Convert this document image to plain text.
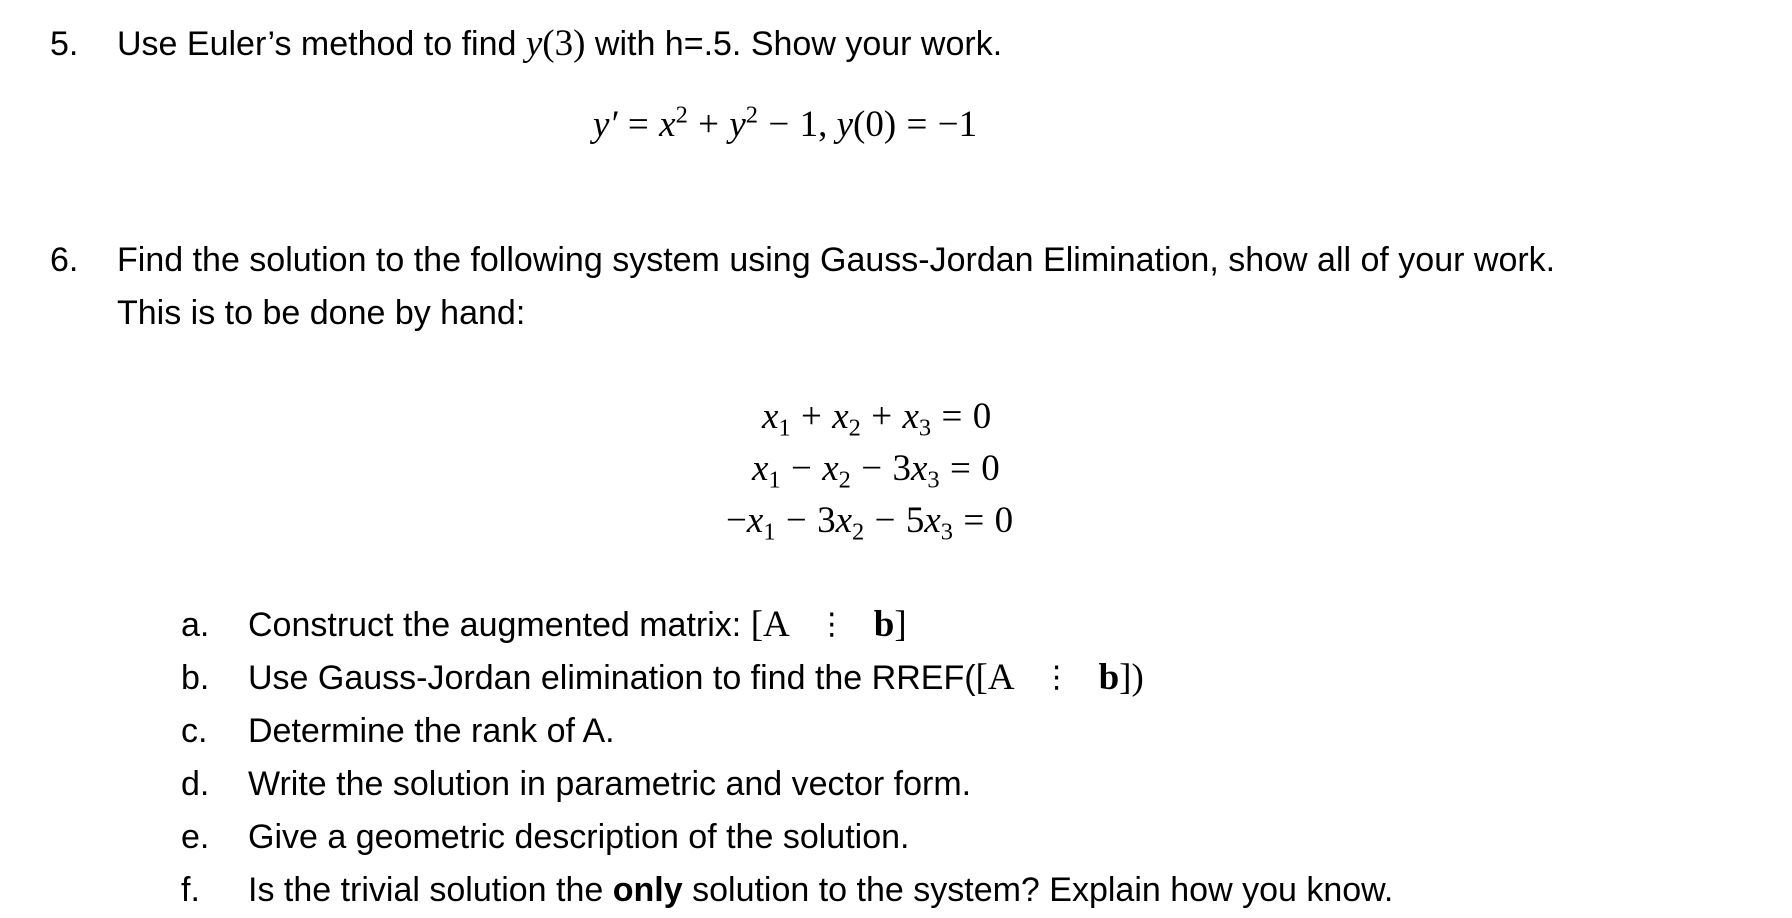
5. Use Euler’s method to find y(3) with h=.5. Show your work.
$y' = x^2 + y^2 - 1$, y(0) = −1
6. Find the solution to the following system using Gauss-Jordan Elimination, show all of your work.
This is to be done by hand:
$x_1 + x_2 + x_3 = 0$
$x_1 - x_2 - 3x_3 = 0$
$-x_1 - 3x_2 - 5x_3 = 0$
a. Construct the augmented matrix: [A ⋮ b]
b. Use Gauss-Jordan elimination to find the RREF([A ⋮ b])
c. Determine the rank of A.
d. Write the solution in parametric and vector form.
e. Give a geometric description of the solution.
f. Is the trivial solution the only solution to the system? Explain how you know.
